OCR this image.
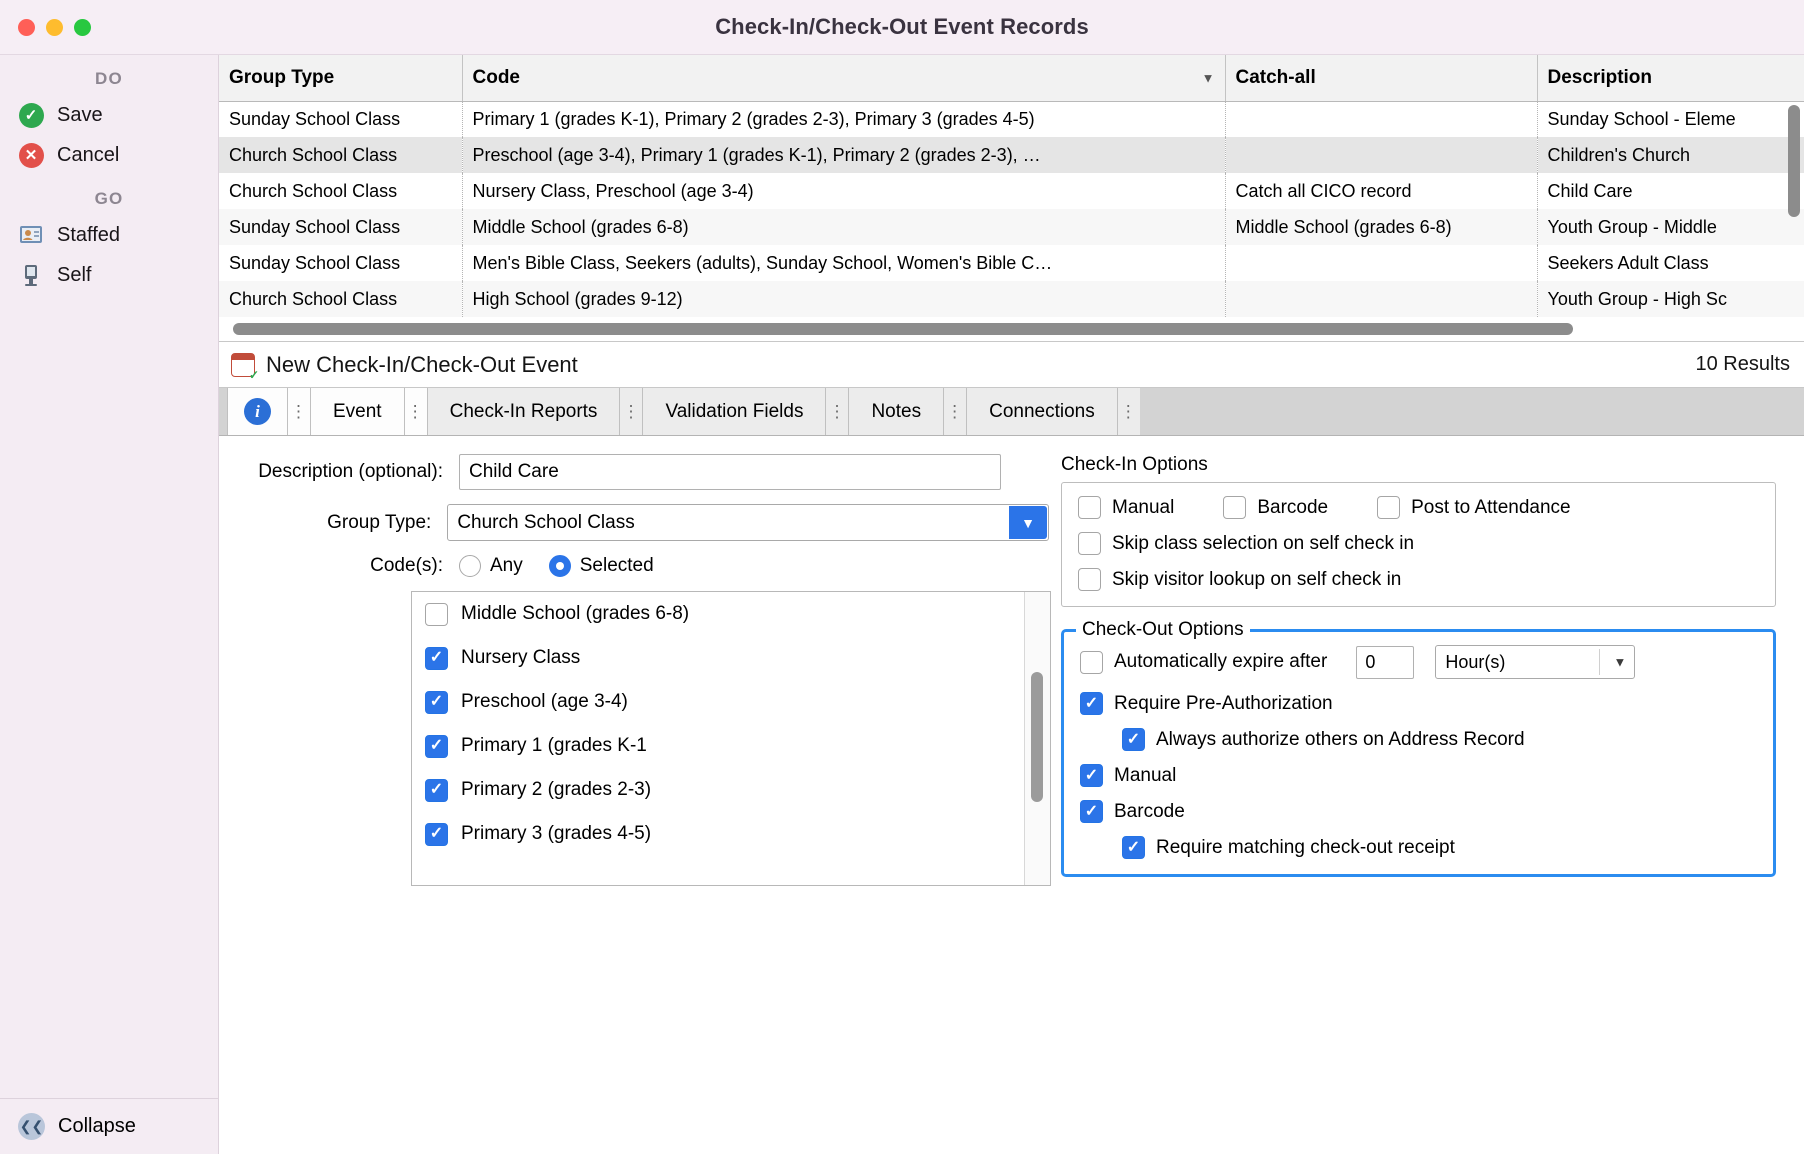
Check-In/Check-Out Event Records
DO
✓ Save
✕ Cancel
GO
Staffed
Self
❮❮ Collapse
Group Type	Code ▼	Catch-all	Description
Sunday School Class	Primary 1 (grades K-1), Primary 2 (grades 2-3), Primary 3 (grades 4-5)		Sunday School - Eleme
Church School Class	Preschool (age 3-4), Primary 1 (grades K-1), Primary 2 (grades 2-3), …		Children's Church
Church School Class	Nursery Class, Preschool (age 3-4)	Catch all CICO record	Child Care
Sunday School Class	Middle School (grades 6-8)	Middle School (grades 6-8)	Youth Group - Middle
Sunday School Class	Men's Bible Class, Seekers (adults), Sunday School, Women's Bible C…		Seekers Adult Class
Church School Class	High School (grades 9-12)		Youth Group - High Sc
✓
New Check-In/Check-Out Event	10 Results
i	⋮	Event	⋮	Check-In Reports	⋮	Validation Fields	⋮	Notes	⋮	Connections	⋮
Description (optional):	Child Care
Group Type:	Church School Class	▼
Code(s):	Any	Selected
Middle School (grades 6-8)
✓
Nursery Class
✓
Preschool (age 3-4)
✓
Primary 1 (grades K-1
✓
Primary 2 (grades 2-3)
✓
Primary 3 (grades 4-5)
Check-In Options
Manual	Barcode	Post to Attendance
Skip class selection on self check in
Skip visitor lookup on self check in
Check-Out Options
Automatically expire after	0	Hour(s)	▼
✓
Require Pre-Authorization
✓
Always authorize others on Address Record
✓
Manual
✓
Barcode
✓
Require matching check-out receipt
